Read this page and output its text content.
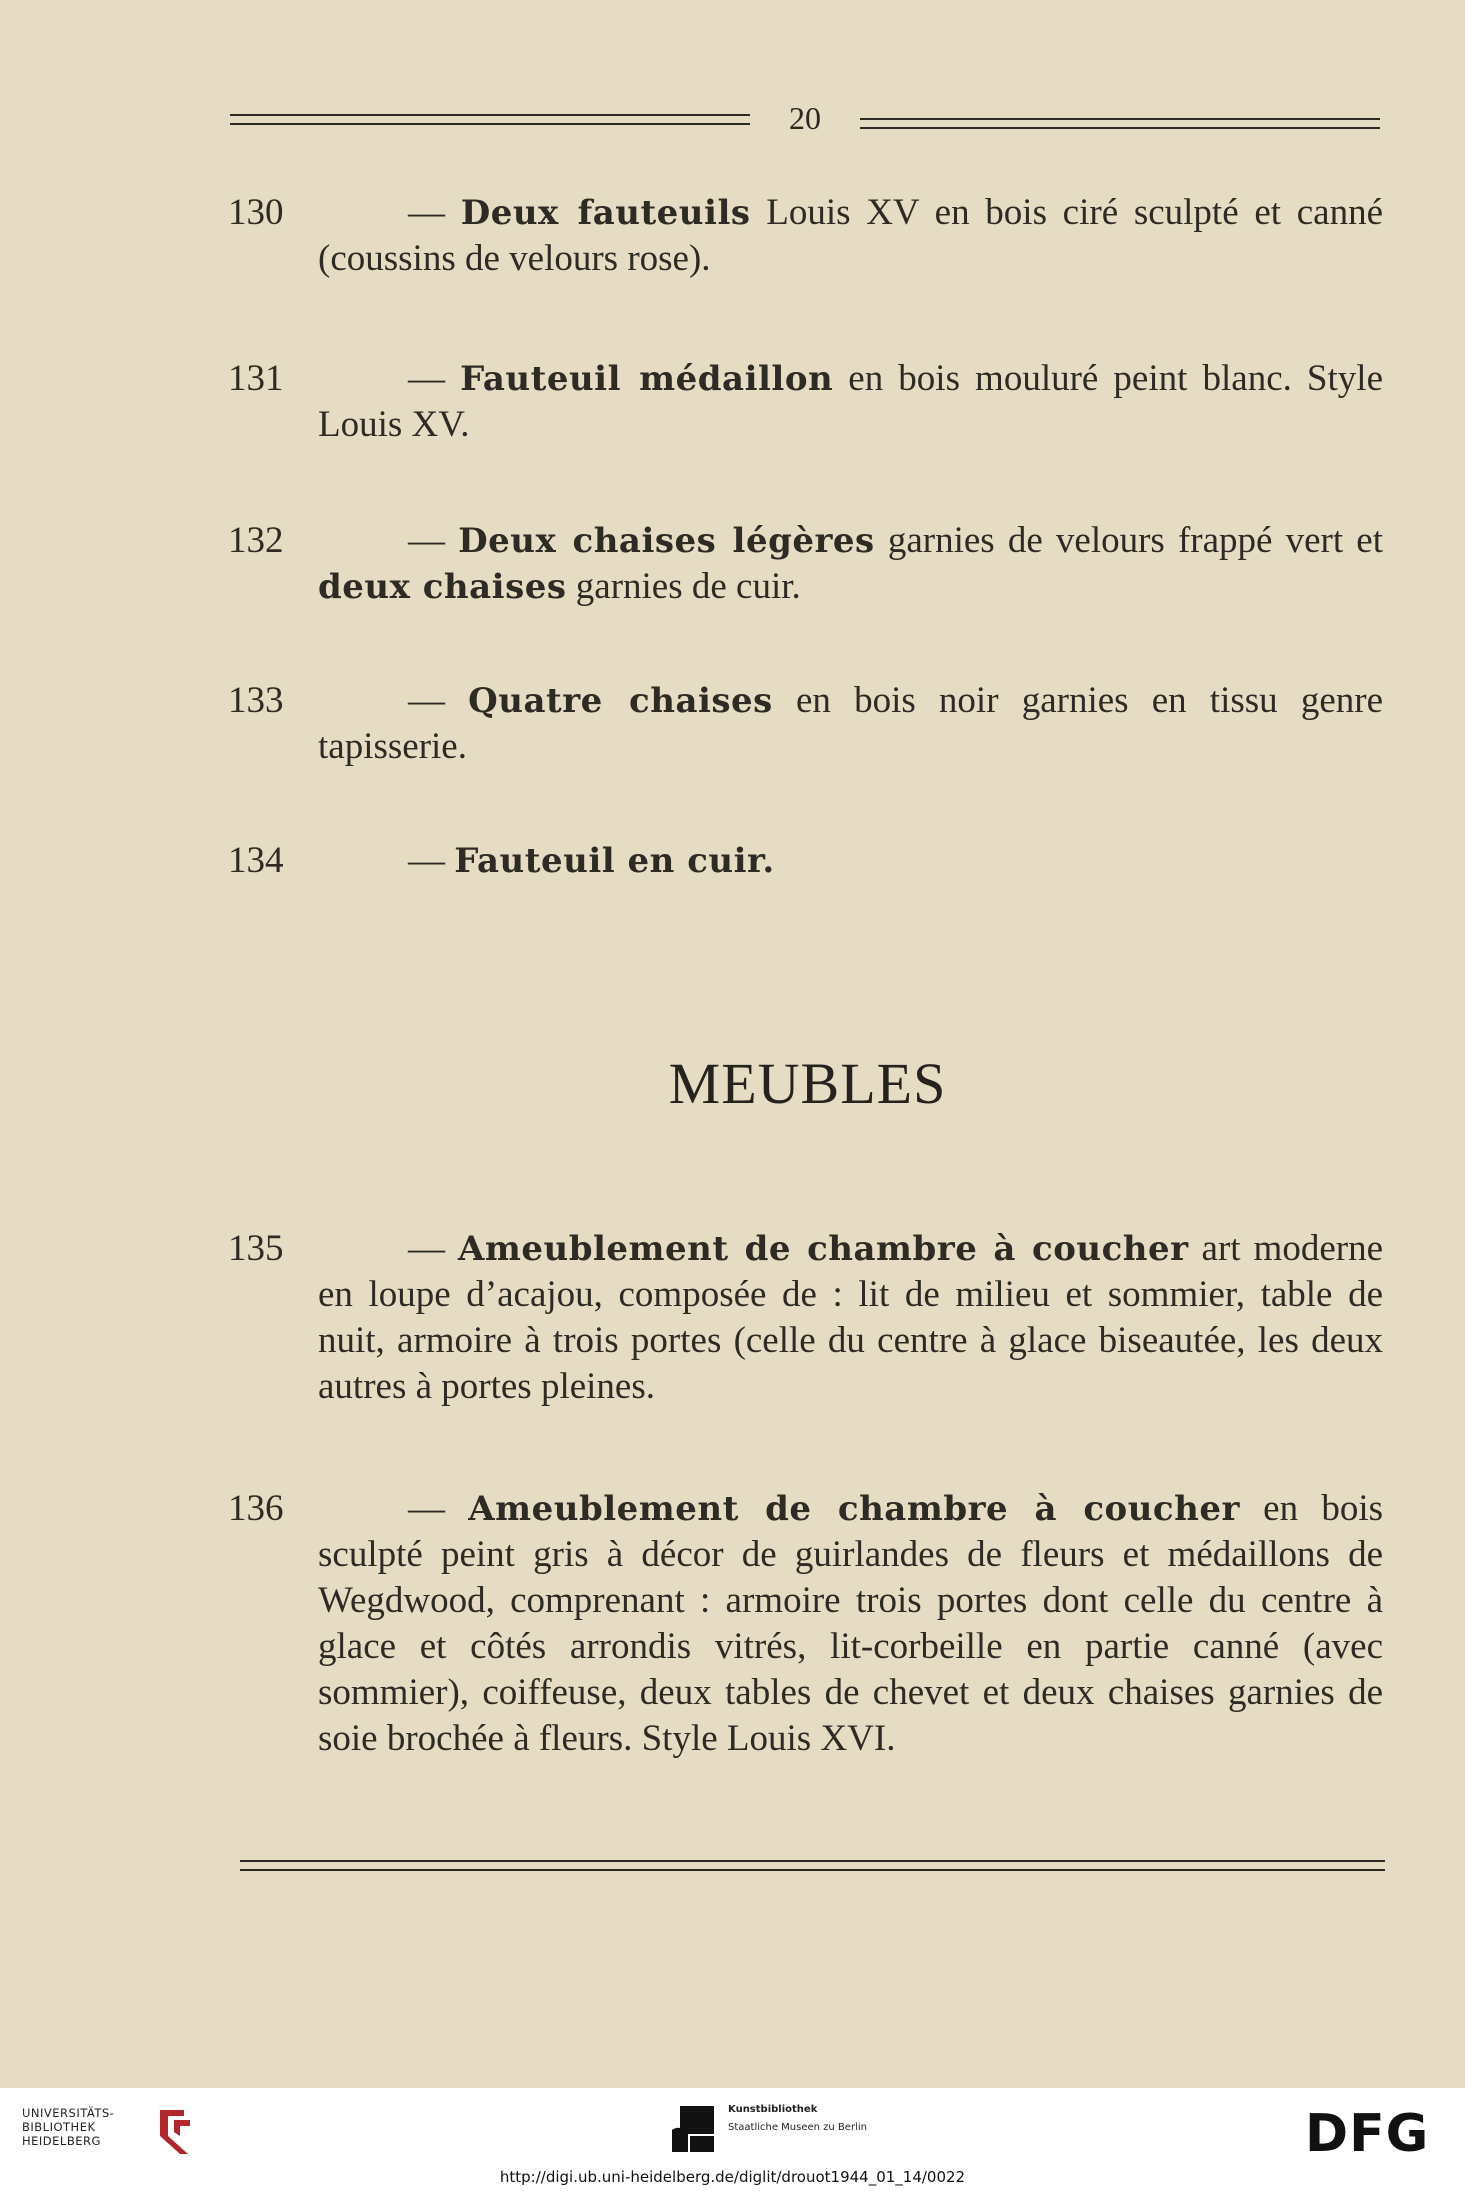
20
130	— Deux fauteuils Louis XV en bois ciré sculpté et canné (coussins de velours rose).
131	— Fauteuil médaillon en bois mouluré peint blanc. Style Louis XV.
132	— Deux chaises légères garnies de velours frappé vert et deux chaises garnies de cuir.
133	— Quatre chaises en bois noir garnies en tissu genre tapisserie.
134	— Fauteuil en cuir.
MEUBLES
135	— Ameublement de chambre à coucher art moderne en loupe d’acajou, composée de : lit de milieu et sommier, table de nuit, armoire à trois portes (celle du centre à glace biseautée, les deux autres à portes pleines.
136	— Ameublement de chambre à coucher en bois sculpté peint gris à décor de guirlandes de fleurs et médaillons de Wegdwood, comprenant : armoire trois portes dont celle du centre à glace et côtés arrondis vitrés, lit-corbeille en partie canné (avec sommier), coiffeuse, deux tables de chevet et deux chaises garnies de soie brochée à fleurs. Style Louis XVI.
UNIVERSITÄTS-
BIBLIOTHEK
HEIDELBERG
Kunstbibliothek
Staatliche Museen zu Berlin	DFG
http://digi.ub.uni-heidelberg.de/diglit/drouot1944_01_14/0022
